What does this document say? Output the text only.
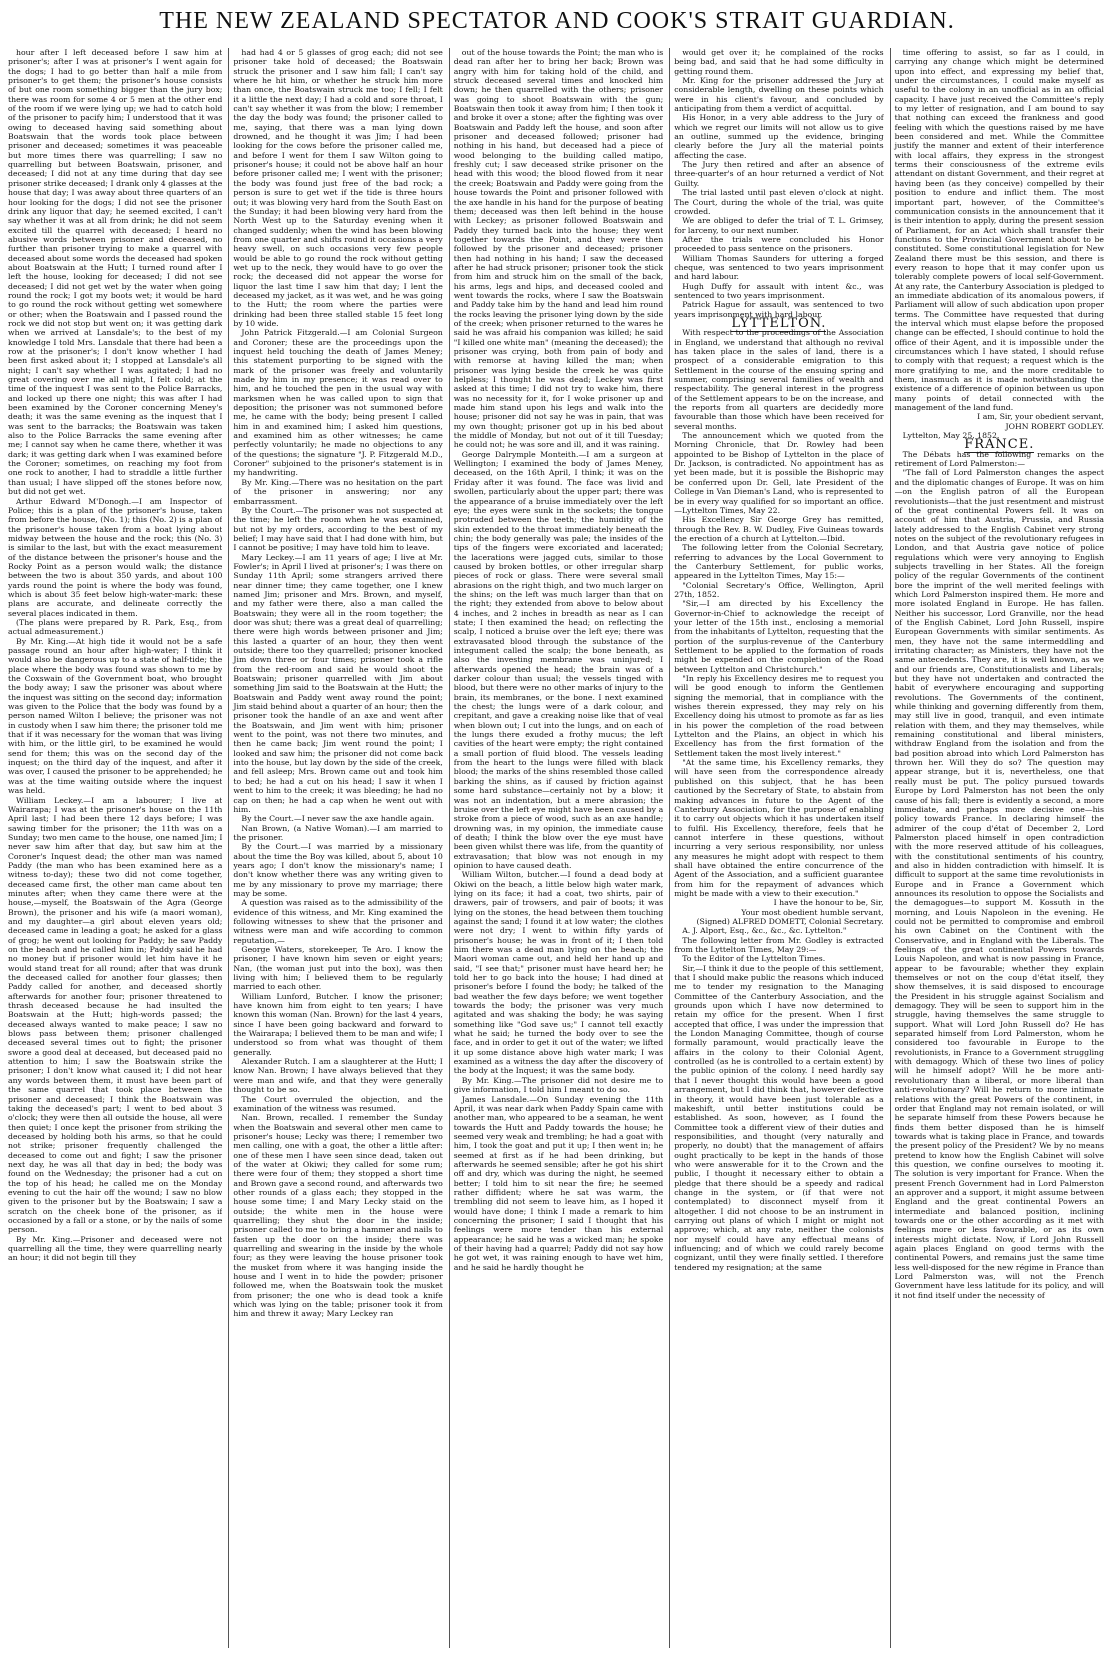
THE NEW ZEALAND SPECTATOR AND COOK'S STRAIT GUARDIAN.

hour after I left deceased before I saw him at prisoner's; after I was at prisoner's I went again for the dogs; I had to go better than half a mile from prisoner's to get them; the prisoner's house consists of but one room something bigger than the jury box; there was room for some 4 or 5 men at the other end of the room if we were lying up; we had to catch hold of the prisoner to pacify him; I understood that it was owing to deceased having said something about Boatswain that the words took place between prisoner and deceased; sometimes it was peaceable but more times there was quarrelling; I saw no quarrelling but between Boatswain, prisoner, and deceased; I did not at any time during that day see prisoner strike deceased; I drank only 4 glasses at the house that day; I was away about three quarters of an hour looking for the dogs; I did not see the prisoner drink any liquor that day; he seemed excited, I can't say whether it was at all from drink; he did not seem excited till the quarrel with deceased; I heard no abusive words between prisoner and deceased, no further than prisoner trying to make a quarrel with deceased about some words the deceased had spoken about Boatswain at the Hutt; I turned round after I left the house, looking for deceased; I did not see deceased; I did not get wet by the water when going round the rock; I got my boots wet; it would be hard to go round the rock without getting wet somewhere or other; when the Boatswain and I passed round the rock we did not stop but went on; it was getting dark when we arrived at Lansdale's; to the best of my knowledge I told Mrs. Lansdale that there had been a row at the prisoner's; I don't know whether I had been first asked about it; I stopped at Lansdale's all night; I can't say whether I was agitated; I had no great covering over me all night, I felt cold; at the time of the inquest I was sent to the Police Barracks, and locked up there one night; this was after I had been examined by the Coroner concerning Meney's death; it was the same evening as the inquest that I was sent to the barracks; the Boatswain was taken also to the Police Barracks the same evening after me; I cannot say when he came there, whether it was dark; it was getting dark when I was examined before the Coroner; sometimes, on reaching my foot from one rock to another, I had to straddle a little further than usual; I have slipped off the stones before now, but did not get wet.

Arthur Edward M'Donogh.—I am Inspector of Police; this is a plan of the prisoner's house, taken from before the house, (No. 1); this (No. 2) is a plan of the prisoner's house taken from a boat lying about midway between the house and the rock; this (No. 3) is similar to the last, but with the exact measurement of the distance between the prisoner's house and the Rocky Point as a person would walk; the distance between the two is about 350 yards, and about 100 yards round the point is where the body was found, which is about 35 feet below high-water-mark: these plans are accurate, and delineate correctly the several places indicated in them.

(The plans were prepared by R. Park, Esq., from actual admeasurement.)

By Mr. King.—At high tide it would not be a safe passage round an hour after high-water; I think it would also be dangerous up to a state of half-tide; the place where the body was found was shown to me by the Coxswain of the Government boat, who brought the body away; I saw the prisoner was about where the inquest was sitting on the second day; information was given to the Police that the body was found by a person named Wilton I believe; the prisoner was not in custody when I saw him there; the prisoner told me that if it was necessary for the woman that was living with him, or the little girl, to be examined he would send for them; this was on the second day of the inquest; on the third day of the inquest, and after it was over, I caused the prisoner to be apprehended; he was at the time waiting outside where the inquest was held.

William Leckey.—I am a labourer; I live at Wairarapa; I was at the prisoner's house on the 11th April last; I had been there 12 days before; I was sawing timber for the prisoner; the 11th was on a Sunday; two men came to the house, one named Jim; I never saw him after that day, but saw him at the Coroner's Inquest dead; the other man was named Paddy (the man who has been examined here as a witness to-day); these two did not come together, deceased came first, the other man came about ten minutes after; when they came there were at the house,—myself, the Boatswain of the Agra (George Brown), the prisoner and his wife (a maori woman), and my daughter—a girl about eleven years old; deceased came in leading a goat; he asked for a glass of grog; he went out looking for Paddy; he saw Paddy on the beach and he called him in; Paddy said he had no money but if prisoner would let him have it he would stand treat for all round; after that was drunk the deceased called for another four glasses; then Paddy called for another, and deceased shortly afterwards for another four; prisoner threatened to thrash deceased because he had insulted the Boatswain at the Hutt; high-words passed; the deceased always wanted to make peace; I saw no blows pass between them; prisoner challenged deceased several times out to fight; the prisoner swore a good deal at deceased, but deceased paid no attention to him; I saw the Boatswain strike the prisoner; I don't know what caused it; I did not hear any words between them, it must have been part of the same quarrel that took place between the prisoner and deceased; I think the Boatswain was taking the deceased's part; I went to bed about 3 o'clock; they were then all outside the house, all were then quiet; I once kept the prisoner from striking the deceased by holding both his arms, so that he could not strike; prisoner frequently challenged the deceased to come out and fight; I saw the prisoner next day, he was all that day in bed; the body was found on the Wednesday; the prisoner had a cut on the top of his head; he called me on the Monday evening to cut the hair off the wound; I saw no blow given to the prisoner but by the Boatswain; I saw a scratch on the cheek bone of the prisoner, as if occasioned by a fall or a stone, or by the nails of some person.

By Mr. King.—Prisoner and deceased were not quarrelling all the time, they were quarrelling nearly an hour; it did not begin till they

had had 4 or 5 glasses of grog each; did not see prisoner take hold of deceased; the Boatswain struck the prisoner and I saw him fall; I can't say where he hit him, or whether he struck him more than once, the Boatswain struck me too; I fell; I felt it a little the next day; I had a cold and sore throat, I can't say whether it was from the blow; I remember the day the body was found; the prisoner called to me, saying, that there was a man lying down drowned, and he thought it was Jim; I had been looking for the cows before the prisoner called me, and before I went for them I saw Wilton going to prisoner's house; it could not be above half an hour before prisoner called me; I went with the prisoner; the body was found just free of the bad rock; a person is sure to get wet if the tide is three hours out; it was blowing very hard from the South East on the Sunday; it had been blowing very hard from the North West up to the Saturday evening when it changed suddenly; when the wind has been blowing from one quarter and shifts round it occasions a very heavy swell, on such occasions very few people would be able to go round the rock without getting wet up to the neck, they would have to go over the rock; the deceased did not appear the worse for liquor the last time I saw him that day; I lent the deceased my jacket, as it was wet, and he was going to the Hutt; the room where the parties were drinking had been three stalled stable 15 feet long by 10 wide.

John Patrick Fitzgerald.—I am Colonial Surgeon and Coroner; these are the proceedings upon the inquest held touching the death of James Meney; this statement purporting to be signed with the mark of the prisoner was freely and voluntarily made by him in my presence; it was read over to him, and he touched the pen in the usual way with marksmen when he was called upon to sign that deposition; the prisoner was not summoned before me, he came with the body; being present I called him in and examined him; I asked him questions, and examined him as other witnesses; he came perfectly voluntarily; he made no objections to any of the questions; the signature "J. P. Fitzgerald M.D., Coroner" subjoined to the prisoner's statement is in my handwriting.

By Mr. King.—There was no hesitation on the part of the prisoner in answering; nor any embarrassment.

By the Court.—The prisoner was not suspected at the time; he left the room when he was examined, but not by my orders, according to the best of my belief; I may have said that I had done with him, but I cannot be positive; I may have told him to leave.

Mary Leckey.—I am 11 years of age; I live at Mr. Fowler's; in April I lived at prisoner's; I was there on Sunday 11th April; some strangers arrived there near dinner time; they came together, one I knew named Jim; prisoner and Mrs. Brown, and myself, and my father were there, also a man called the Boatswain; they were all in the room together; the door was shut; there was a great deal of quarrelling; there were high words between prisoner and Jim; this lasted a quarter of an hour, they then went outside; there too they quarrelled; prisoner knocked Jim down three or four times; prisoner took a rifle from the red-room and said he would shoot the Boatswain; prisoner quarrelled with Jim about something Jim said to the Boatswain at the Hutt; the Boatswain and Paddy went away round the point; Jim staid behind about a quarter of an hour; then the prisoner took the handle of an axe and went after the Boatswain, and Jim went with him; prisoner went to the point, was not there two minutes, and then he came back; Jim went round the point; I looked and saw him; the prisoner did not come back into the house, but lay down by the side of the creek, and fell asleep; Mrs. Brown came out and took him to bed; he had a cut on his head; I saw it when I went to him to the creek; it was bleeding; he had no cap on then; he had a cap when he went out with him.

By the Court.—I never saw the axe handle again.

Nan Brown, (a Native Woman).—I am married to the prisoner.

By the Court.—I was married by a missionary about the time the Boy was killed, about 5, about 10 years ago; I don't know the missionary's name; I don't know whether there was any writing given to me by any missionary to prove my marriage; there may be some.

A question was raised as to the admissibility of the evidence of this witness, and Mr. King examined the following witnesses to shew that the prisoner and witness were man and wife according to common reputation,—

George Waters, storekeeper, Te Aro. I know the prisoner, I have known him seven or eight years; Nan, (the woman just put into the box), was then living with him; I believed them to be regularly married to each other.

William Lunford, Butcher. I know the prisoner; have known him from eight to ten years; I have known this woman (Nan. Brown) for the last 4 years, since I have been going backward and forward to the Wairarapa; I believed them to be man and wife; I understood so from what was thought of them generally.

Alexander Rutch. I am a slaughterer at the Hutt; I know Nan. Brown; I have always believed that they were man and wife, and that they were generally thought to be so.

The Court overruled the objection, and the examination of the witness was resumed.

Nan. Brown, recalled. I remember the Sunday when the Boatswain and several other men came to prisoner's house; Lecky was there; I remember two men calling, one with a goat, the other a little after: one of these men I have seen since dead, taken out of the water at Okiwi; they called for some rum; there were four of them; they stopped a short time and Brown gave a second round, and afterwards two other rounds of a glass each; they stopped in the house some time; I and Mary Lecky staid on the outside; the white men in the house were quarrelling; they shut the door in the inside; prisoner called to me to bring a hammer and nails to fasten up the door on the inside; there was quarrelling and swearing in the inside by the whole four; as they were leaving the house prisoner took the musket from where it was hanging inside the house and I went in to hide the powder; prisoner followed me, when the Boatswain took the musket from prisoner; the one who is dead took a knife which was lying on the table; prisoner took it from him and threw it away; Mary Leckey ran

out of the house towards the Point; the man who is dead ran after her to bring her back; Brown was angry with him for taking hold of the child, and struck deceased several times and knocked him down; he then quarrelled with the others; prisoner was going to shoot Boatswain with the gun; Boatswain then took it away from him; I then took it and broke it over a stone; after the fighting was over Boatswain and Paddy left the house, and soon after prisoner and deceased followed; prisoner had nothing in his hand, but deceased had a piece of wood belonging to the building called matipo, freshly cut; I saw deceased strike prisoner on the head with this wood; the blood flowed from it near the creek; Boatswain and Paddy were going from the house towards the Point and prisoner followed with the axe handle in his hand for the purpose of beating them; deceased was then left behind in the house with Leckey; as prisoner followed Boatswain and Paddy they turned back into the house; they went together towards the Point, and they were then followed by the prisoner and deceased; prisoner then had nothing in his hand; I saw the deceased after he had struck prisoner; prisoner took the stick from him and struck him on the small of the back, his arms, legs and hips, and deceased cooled and went towards the rocks, where I saw the Boatswain and Paddy take him by the hand and lead him round the rocks leaving the prisoner lying down by the side of the creek; when prisoner returned to the wares he said he was afraid his companion was killed; he said "I killed one white man" (meaning the deceased); the prisoner was crying, both from pain of body and with remorse at having killed the man; when prisoner was lying beside the creek he was quite helpless; I thought he was dead; Leckey was first asked at this time; I did not try to wake him, there was no necessity for it, for I woke prisoner up and made him stand upon his legs and walk into the house; prisoner did not say he was in pain, that was my own thought; prisoner got up in his bed about the middle of Monday, but not out of it till Tuesday; he could not; he was sore and ill, and it was raining.

George Dalrymple Monteith.—I am a surgeon at Wellington; I examined the body of James Meney, deceased, on the 16th April, I think; it was on the Friday after it was found. The face was livid and swollen, particularly about the upper part; there was the appearance of a bruise immediately over the left eye; the eyes were sunk in the sockets; the tongue protruded between the teeth; the humidity of the skin extended to the throat immediately beneath the chin; the body generally was pale; the insides of the tips of the fingers were excoriated and lacerated; the lacerations were jagged cuts, similar to those caused by broken bottles, or other irregular sharp pieces of rock or glass. There were several small abrasions on the right thigh, and two much larger on the shins; on the left was much larger than that on the right; they extended from above to below about 4 inches, and 2 inches in breadth as near as I can state; I then examined the head; on reflecting the scalp, I noticed a bruise over the left eye; there was extravasated blood through the substance of the integument called the scalp; the bone beneath, as also the investing membrane was uninjured; I afterwards opened the head; the brain was of a darker colour than usual; the vessels tinged with blood, but there were no other marks of injury to the brain, its membranes, or the bone. I next examined the chest; the lungs were of a dark colour, and crepitant, and gave a creaking noise like that of veal when blown out; I cut into the lungs, and on each of the lungs there exuded a frothy mucus; the left cavities of the heart were empty; the right contained a small portion of fluid blood. The vessels leading from the heart to the lungs were filled with black blood; the marks of the shins resembled those called barking the shins, as if caused by friction against some hard substance—certainly not by a blow; it was not an indentation, but a mere abrasion; the bruise over the left eye might have been caused by a stroke from a piece of wood, such as an axe handle; drowning was, in my opinion, the immediate cause of death; I think the blow over the eye must have been given whilst there was life, from the quantity of extravasation; that blow was not enough in my opinion to have caused death.

William Wilton, butcher.—I found a dead body at Okiwi on the beach, a little below high water mark, lying on its face; it had a coat, two shirts, pair of drawers, pair of trowsers, and pair of boots; it was lying on the stones, the head between them touching against the sand; I found it at low water; the clothes were not dry; I went to within fifty yards of prisoner's house; he was in front of it; I then told him there was a dead man lying on the beach; the Maori woman came out, and held her hand up and said, "I see that;" prisoner must have heard her; he told her to go back into the house; I had dined at prisoner's before I found the body; he talked of the bad weather the few days before; we went together towards the body; the prisoner was very much agitated and was shaking the body; he was saying something like "God save us;" I cannot tell exactly what he said; he turned the body over to see the face, and in order to get it out of the water; we lifted it up some distance above high water mark; I was examined as a witness the day after the discovery of the body at the Inquest; it was the same body.

By Mr. King.—The prisoner did not desire me to give information, I told him I meant to do so.

James Lansdale.—On Sunday evening the 11th April, it was near dark when Paddy Spain came with another man, who appeared to be a seaman, he went towards the Hutt and Paddy towards the house; he seemed very weak and trembling; he had a goat with him, I took the goat and put it up; I then went in; he seemed at first as if he had been drinking, but afterwards he seemed sensible; after he got his shirt off and dry, which was during the night, he seemed better; I told him to sit near the fire; he seemed rather diffident; where he sat was warm, the trembling did not seem to leave him, as I hoped it would have done; I think I made a remark to him concerning the prisoner; I said I thought that his feelings were more tender than his external appearance; he said he was a wicked man; he spoke of their having had a quarrel; Paddy did not say how he got wet, it was raining enough to have wet him, and he said he hardly thought he

would get over it; he complained of the rocks being bad, and said that he had some difficulty in getting round them.

Mr. King for the prisoner addressed the Jury at considerable length, dwelling on these points which were in his client's favour, and concluded by anticipating from them a verdict of acquittal.

His Honor, in a very able address to the Jury of which we regret our limits will not allow us to give an outline, summed up the evidence, bringing clearly before the Jury all the material points affecting the case.

The Jury then retired and after an absence of three-quarter's of an hour returned a verdict of Not Guilty.

The trial lasted until past eleven o'clock at night. The Court, during the whole of the trial, was quite crowded.

We are obliged to defer the trial of T. L. Grimsey, for larceny, to our next number.

After the trials were concluded his Honor proceeded to pass sentence on the prisoners.

William Thomas Saunders for uttering a forged cheque, was sentenced to two years imprisonment and hard labour.

Hugh Duffy for assault with intent &c., was sentenced to two years imprisonment.

Patrick Hague for assault, was sentenced to two years imprisonment with hard labour.

LYTTELTON.

With respect to the proceedings of the Association in England, we understand that although no revival has taken place in the sales of land, there is a prospect of a considerable emigration to this Settlement in the course of the ensuing spring and summer, comprising several families of wealth and respectability. The general interest in the progress of the Settlement appears to be on the increase, and the reports from all quarters are decidedly more favourable than those which have been received for several months.

The announcement which we quoted from the Morning Chronicle, that Dr. Rowley had been appointed to be Bishop of Lyttelton in the place of Dr. Jackson, is contradicted. No appointment has as yet been made, but it is possible the Bishopric may be conferred upon Dr. Gell, late President of the College in Van Dieman's Land, who is represented to be in every way qualified for so important an office.—Lyttelton Times, May 22.

His Excellency Sir George Grey has remitted, through the Rev. B. W. Dudley, Five Guineas towards the erection of a church at Lyttelton.—Ibid.

The following letter from the Colonial Secretary, referring to advances by the Local Government to the Canterbury Settlement, for public works, appeared in the Lyttelton Times, May 15:—

"Colonial Secretary's Office, Wellington, April 27th, 1852.

"Sir,—I am directed by his Excellency the Governor-in-Chief to acknowledge the receipt of your letter of the 15th inst., enclosing a memorial from the inhabitants of Lyttelton, requesting that the portion of the surplus-revenue of the Canterbury Settlement to be applied to the formation of roads might be expended on the completion of the Road between Lyttelton and Christchurch."

"In reply his Excellency desires me to request you will be good enough to inform the Gentlemen signing the memorial, that in compliance with the wishes therein expressed, they may rely on his Excellency doing his utmost to promote as far as lies in his power the completion of the road between Lyttelton and the Plains, an object in which his Excellency has from the first formation of the Settlement taken the most lively interest."

"At the same time, his Excellency remarks, they will have seen from the correspondence already published on this subject, that he has been cautioned by the Secretary of State, to abstain from making advances in future to the Agent of the Canterbury Association, for the purpose of enabling it to carry out objects which it has undertaken itself to fulfil. His Excellency, therefore, feels that he cannot interfere in these questions, without incurring a very serious responsibility, nor unless any measures he might adopt with respect to them shall have obtained the entire concurrence of the Agent of the Association, and a sufficient guarantee from him for the repayment of advances which might be made with a view to their execution."

I have the honour to be, Sir,

Your most obedient humble servant,

(Signed) ALFRED DOMETT, Colonial Secretary.

A. J. Alport, Esq., &c., &c., &c. Lyttelton."

The following letter from Mr. Godley is extracted from the Lyttelton Times, May 29:—

To the Editor of the Lyttelton Times.

Sir,—I think it due to the people of this settlement, that I should make public the reasons which induced me to tender my resignation to the Managing Committee of the Canterbury Association, and the grounds upon which I have now determined to retain my office for the present. When I first accepted that office, I was under the impression that the London Managing Committee, though of course formally paramount, would practically leave the affairs in the colony to their Colonial Agent, controlled (as he is controlled to a certain extent) by the public opinion of the colony. I need hardly say that I never thought this would have been a good arrangement, but I did think that, however defective in theory, it would have been just tolerable as a makeshift, until better institutions could be established. As soon, however, as I found the Committee took a different view of their duties and responsibilities, and thought (very naturally and properly, no doubt) that the management of affairs ought practically to be kept in the hands of those who were answerable for it to the Crown and the public, I thought it necessary either to obtain a pledge that there should be a speedy and radical change in the system, or (if that were not contemplated) to disconnect myself from it altogether. I did not choose to be an instrument in carrying out plans of which I might or might not approve; which, at any rate, neither the colonists nor myself could have any effectual means of influencing; and of which we could rarely become cognizant, until they were finally settled. I therefore tendered my resignation; at the same

time offering to assist, so far as I could, in carrying any change which might be determined upon into effect, and expressing my belief that, under the circumstances, I could make myself as useful to the colony in an unofficial as in an official capacity. I have just received the Committee's reply to my letter of resignation, and I am bound to say that nothing can exceed the frankness and good feeling with which the questions raised by me have been considered and met. While the Committee justify the manner and extent of their interference with local affairs, they express in the strongest terms their consciousness of the extreme evils attendant on distant Government, and their regret at having been (as they conceive) compelled by their position to endure and inflict them. The most important part, however, of the Committee's communication consists in the announcement that it is their intention to apply, during the present session of Parliament, for an Act which shall transfer their functions to the Provincial Government about to be constituted. Some constitutional legislation for New Zealand there must be this session, and there is every reason to hope that it may confer upon us tolerably complete powers of local self-Government. At any rate, the Canterbury Association is pledged to an immediate abdication of its anomalous powers, if Parliament will allow of such abdication upon proper terms. The Committee have requested that during the interval which must elapse before the proposed change can be effected, I should continue to hold the office of their Agent, and it is impossible under the circumstances which I have stated, I should refuse to comply with that request; a request which is the more gratifying to me, and the more creditable to them, inasmuch as it is made notwithstanding the existence of a difference of opinion between us upon many points of detail connected with the management of the land fund.

I am, Sir, your obedient servant,

JOHN ROBERT GODLEY.

Lyttelton, May 25, 1852.

FRANCE.

The Débats has the following remarks on the retirement of Lord Palmerston:—

"The fall of Lord Palmerston changes the aspect and the diplomatic changes of Europe. It was on him—on the English patron of all the European revolutionists—that the just resentment and mistrust of the great continental Powers fell. It was on account of him that Austria, Prussia, and Russia lately addressed to the English Cabinet very strong notes on the subject of the revolutionary refugees in London, and that Austria gave notice of police regulations which were very annoying to English subjects travelling in her States. All the foreign policy of the regular Governments of the continent bore the imprint of the well merited feelings with which Lord Palmerston inspired them. He more and more isolated England in Europe. He has fallen. Neither his successor, Lord Granville, nor the head of the English Cabinet, Lord John Russell, inspire European Governments with similar sentiments. As men, they have not the same intermeddling and irritating character; as Ministers, they have not the same antecedents. They are, it is well known, as we and our friends are, Constitutionalists and Liberals; but they have not undertaken and contracted the habit of everywhere encouraging and supporting revolutions. The Governments of the continent, while thinking and governing differently from them, may still live in good, tranquil, and even intimate relation with them, and they may themselves, while remaining constitutional and liberal ministers, withdraw England from the isolation and from the bad position abroad into which Lord Palmerston has thrown her. Will they do so? The question may appear strange, but it is, nevertheless, one that really must be put. The policy pursued towards Europe by Lord Palmerston has not been the only cause of his fall; there is evidently a second, a more immediate, and perhaps more decisive one—his policy towards France. In declaring himself the admirer of the coup d'état of December 2, Lord Palmerston placed himself in open contradiction with the more reserved attitude of his colleagues, with the constitutional sentiments of his country, and also in hidden contradiction with himself. It is difficult to support at the same time revolutionists in Europe and in France a Government which announces its resolution to oppose the Socialists and the demagogues—to support M. Kossuth in the morning, and Louis Napoleon in the evening. He could not be permitted to compromise and embroil his own Cabinet on the Continent with the Conservative, and in England with the Liberals. The feelings of the great continental Powers towards Louis Napoleon, and what is now passing in France, appear to be favourable; whether they explain themselves or not on the coup d'état itself, they show themselves, it is said disposed to encourage the President in his struggle against Socialism and demagogy. They will be seen to support him in the struggle, having themselves the same struggle to support. What will Lord John Russell do? He has separated himself from Lord Palmerston, whom he considered too favourable in Europe to the revolutionists, in France to a Government struggling with demagogy. Which of these two lines of policy will he himself adopt? Will he be more anti-revolutionary than a liberal, or more liberal than anti-revolutionary? Will he return to more intimate relations with the great Powers of the continent, in order that England may not remain isolated, or will he separate himself from these Powers because he finds them better disposed than he is himself towards what is taking place in France, and towards the present policy of the President? We by no means pretend to know how the English Cabinet will solve this question, we confine ourselves to mooting it. The solution is very important for France. When the present French Government had in Lord Palmerston an approver and a support, it might assume between England and the great continental Powers an intermediate and balanced position, inclining towards one or the other according as it met with feelings more or less favourable, or as its own interests might dictate. Now, if Lord John Russell again places England on good terms with the continental Powers, and remains just the same time less well-disposed for the new régime in France than Lord Palmerston was, will not the French Government have less latitude for its policy, and will it not find itself under the necessity of
